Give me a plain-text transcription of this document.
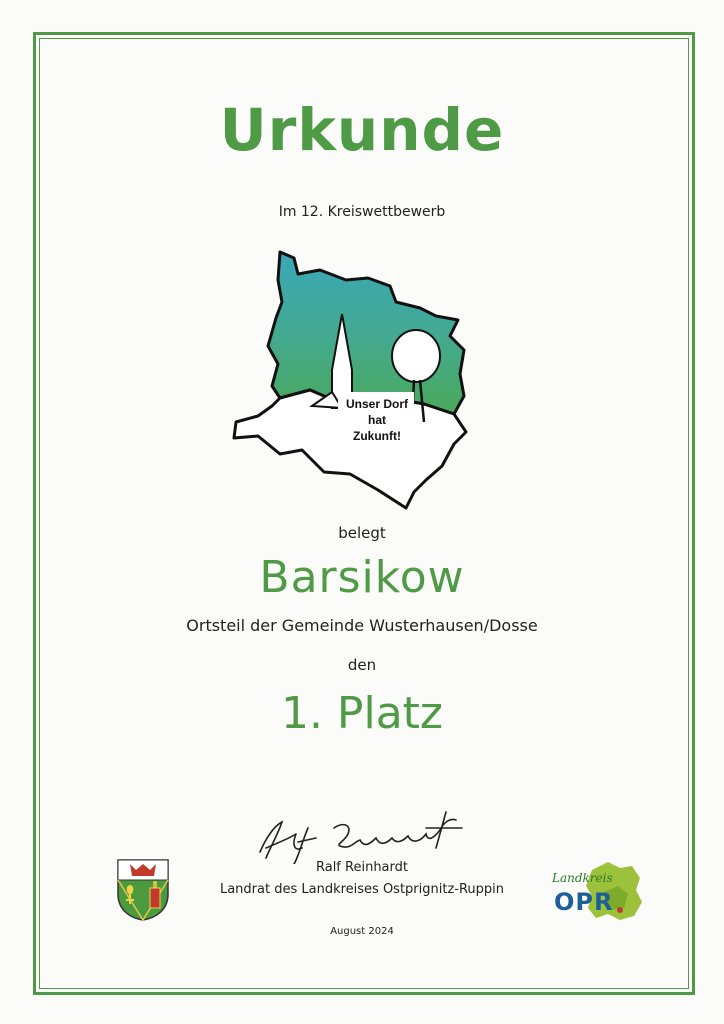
Urkunde
Im 12. Kreiswettbewerb
Unser Dorf
hat
Zukunft!
belegt
Barsikow
Ortsteil der Gemeinde Wusterhausen/Dosse
den
1. Platz
Ralf Reinhardt
Landrat des Landkreises Ostprignitz-Ruppin
August 2024
Landkreis
OPR
